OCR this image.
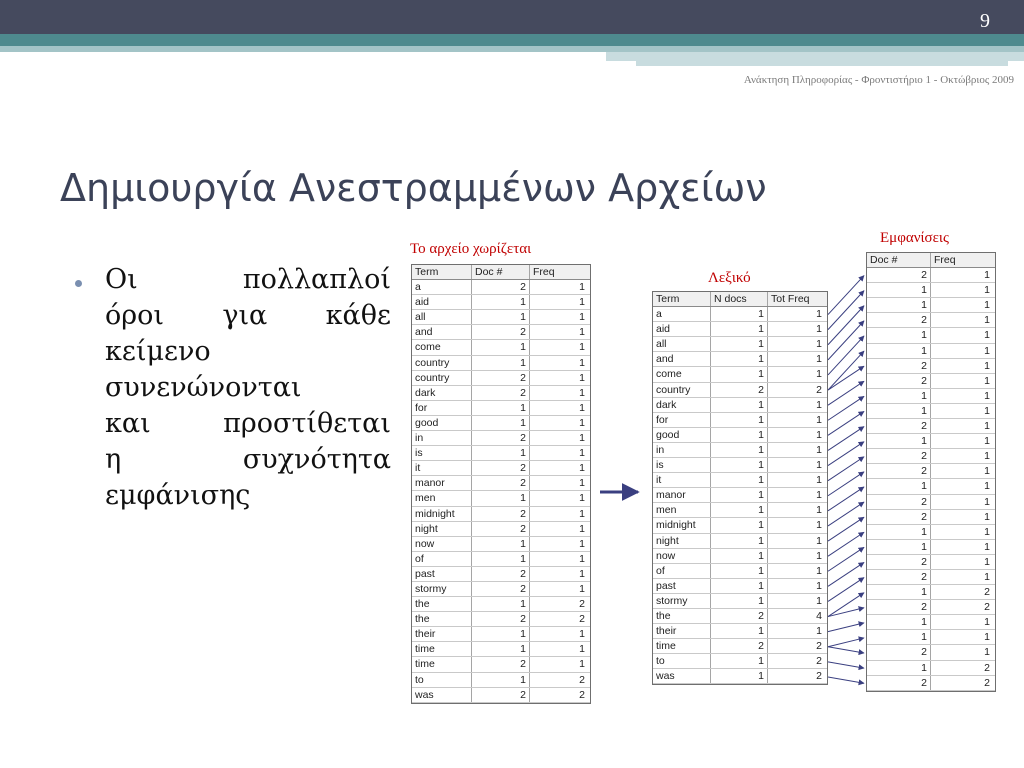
9
Ανάκτηση Πληροφορίας - Φροντιστήριο 1 - Οκτώβριος 2009
Δημιουργία Ανεστραμμένων Αρχείων
Οι πολλαπλοί
όροι για κάθε
κείμενο
συνενώνονται
και προστίθεται
η συχνότητα
εμφάνισης
Το αρχείο χωρίζεται
Λεξικό
Εμφανίσεις
Term	Doc #	Freq
a	2	1
aid	1	1
all	1	1
and	2	1
come	1	1
country	1	1
country	2	1
dark	2	1
for	1	1
good	1	1
in	2	1
is	1	1
it	2	1
manor	2	1
men	1	1
midnight	2	1
night	2	1
now	1	1
of	1	1
past	2	1
stormy	2	1
the	1	2
the	2	2
their	1	1
time	1	1
time	2	1
to	1	2
was	2	2
Term	N docs	Tot Freq
a	1	1
aid	1	1
all	1	1
and	1	1
come	1	1
country	2	2
dark	1	1
for	1	1
good	1	1
in	1	1
is	1	1
it	1	1
manor	1	1
men	1	1
midnight	1	1
night	1	1
now	1	1
of	1	1
past	1	1
stormy	1	1
the	2	4
their	1	1
time	2	2
to	1	2
was	1	2
Doc #	Freq
2	1
1	1
1	1
2	1
1	1
1	1
2	1
2	1
1	1
1	1
2	1
1	1
2	1
2	1
1	1
2	1
2	1
1	1
1	1
2	1
2	1
1	2
2	2
1	1
1	1
2	1
1	2
2	2
